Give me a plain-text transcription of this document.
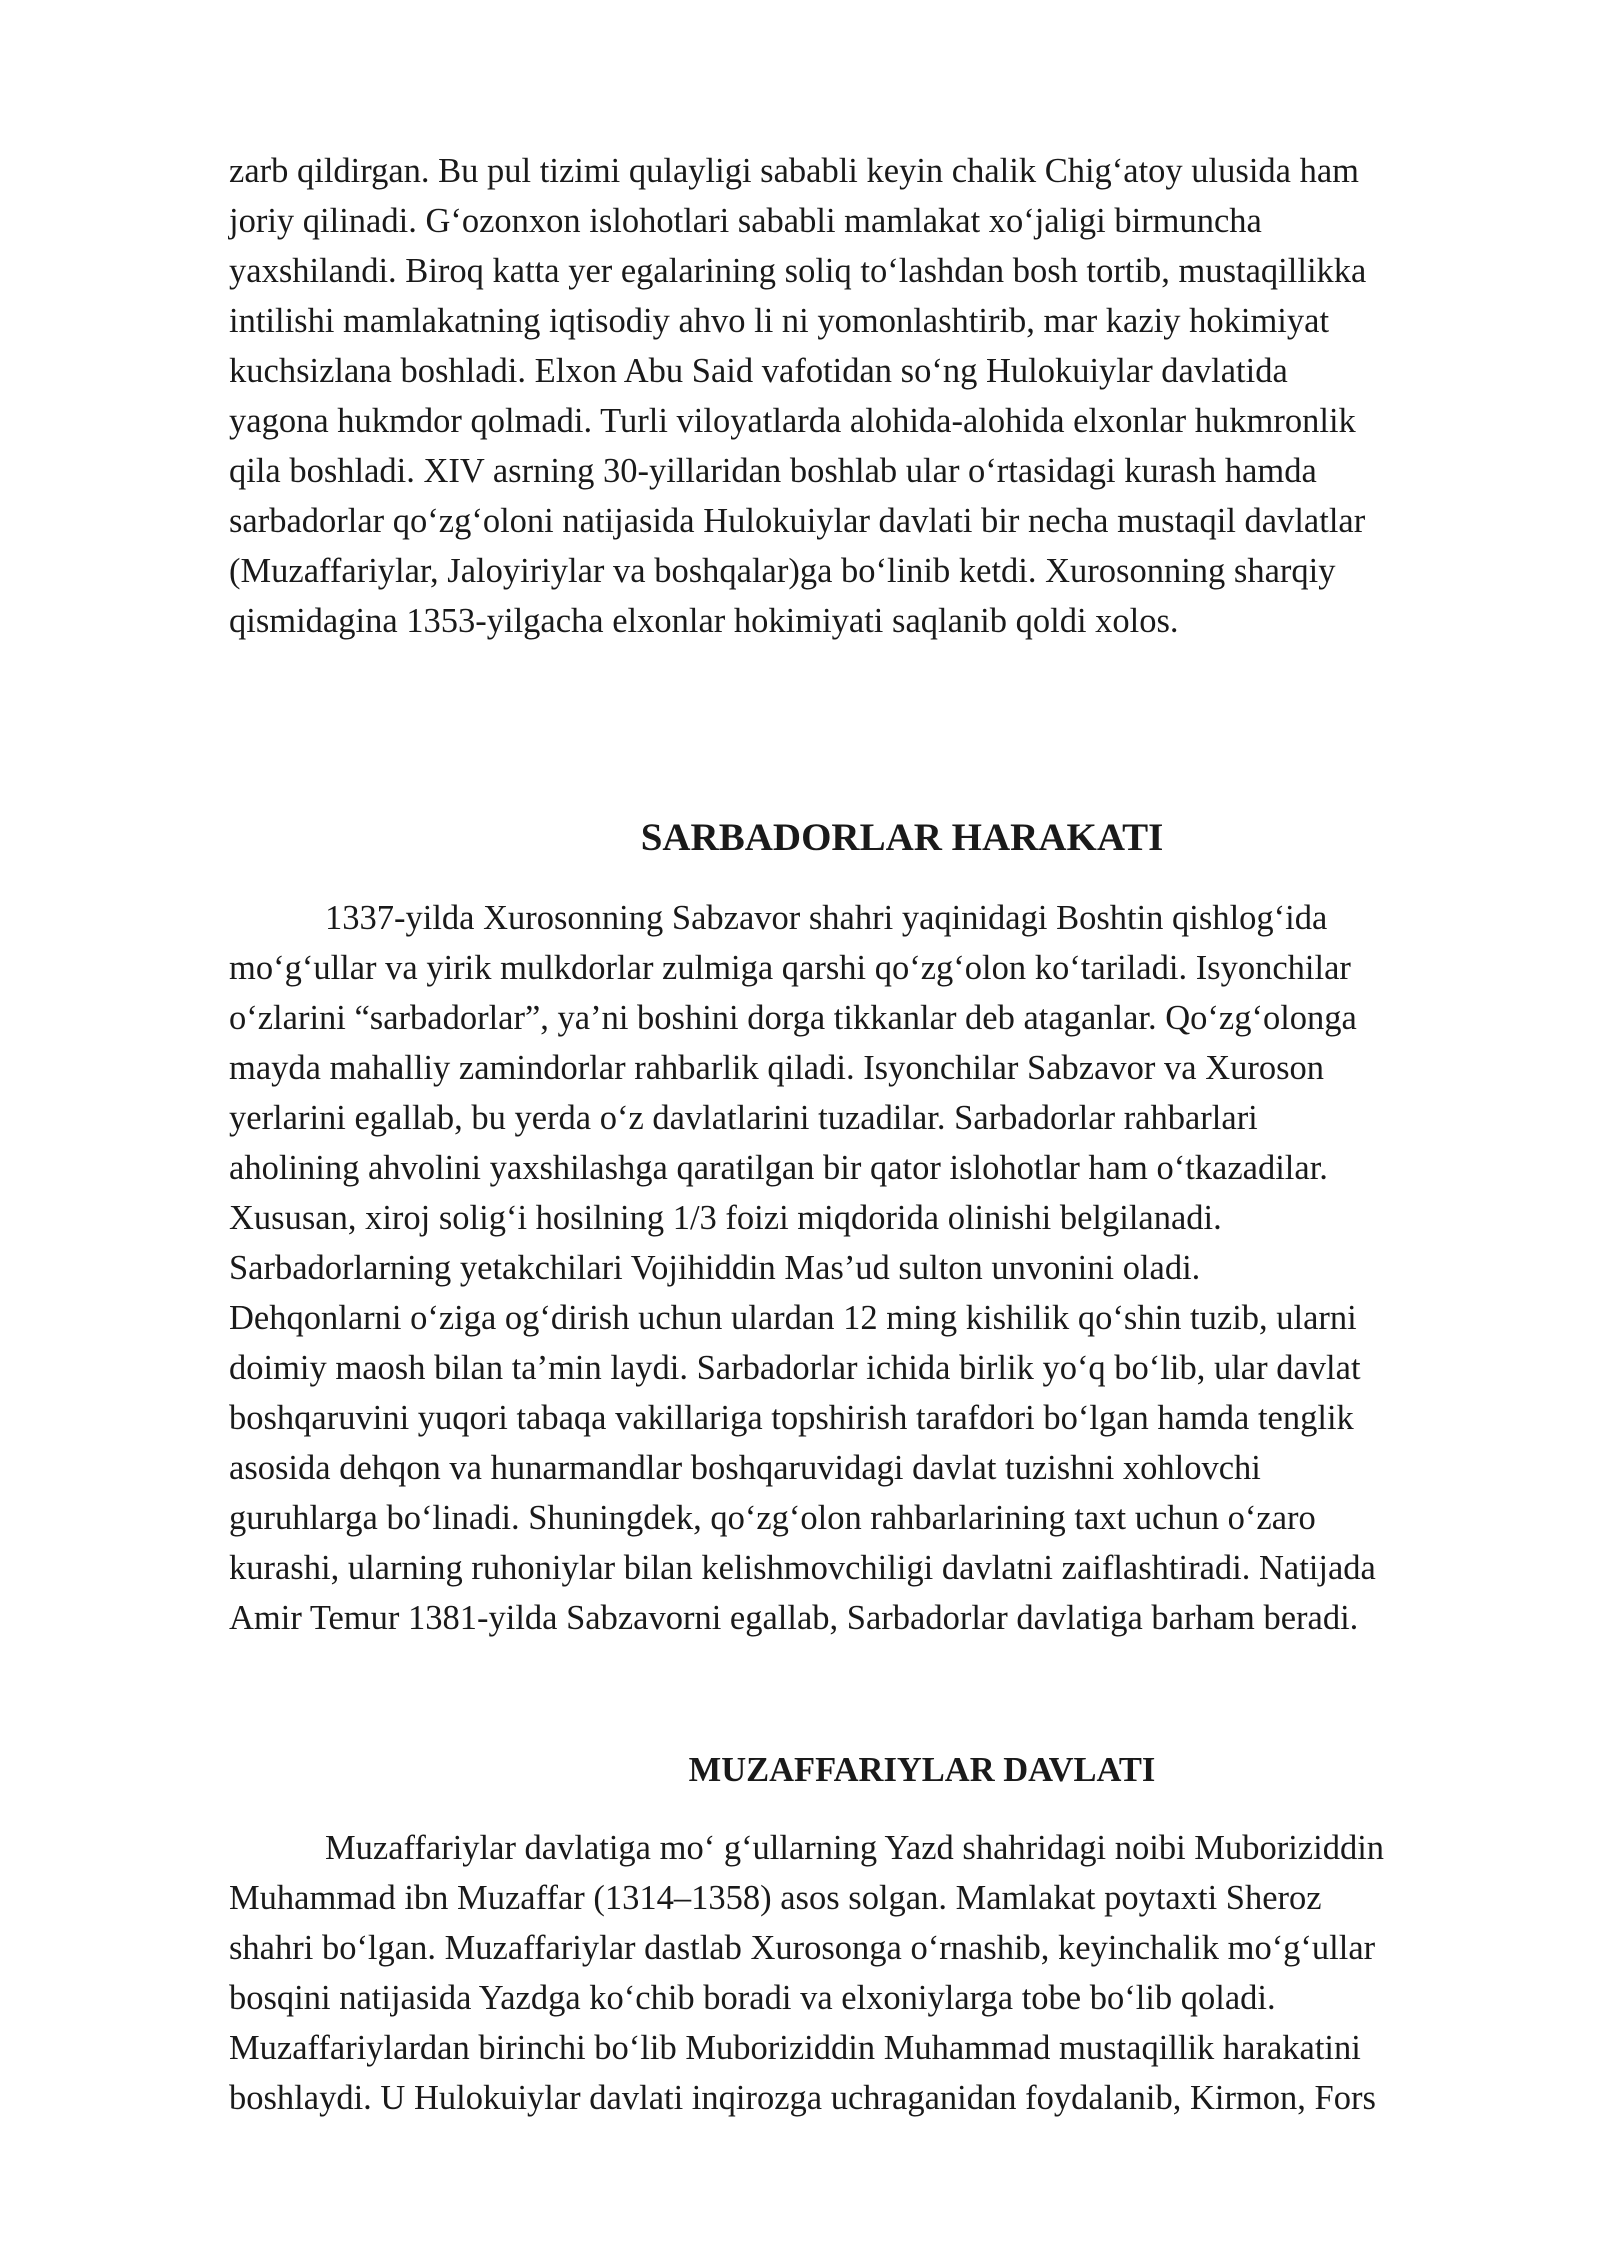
zarb qildirgan. Bu pul tizimi qulayligi sababli keyin chalik Chig‘atoy ulusida ham
joriy qilinadi. G‘ozonxon islohotlari sababli mamlakat xo‘jaligi birmuncha
yaxshilandi. Biroq katta yer egalarining soliq to‘lashdan bosh tortib, mustaqillikka
intilishi mamlakatning iqtisodiy ahvo li ni yomonlashtirib, mar kaziy hokimiyat
kuchsizlana boshladi. Elxon Abu Said vafotidan so‘ng Hulokuiylar davlatida
yagona hukmdor qolmadi. Turli viloyatlarda alohida-alohida elxonlar hukmronlik
qila boshladi. XIV asrning 30-yillaridan boshlab ular o‘rtasidagi kurash hamda
sarbadorlar qo‘zg‘oloni natijasida Hulokuiylar davlati bir necha mustaqil davlatlar
(Muzaffariylar, Jaloyiriylar va boshqalar)ga bo‘linib ketdi. Xurosonning sharqiy
qismidagina 1353-yilgacha elxonlar hokimiyati saqlanib qoldi xolos.
SARBADORLAR HARAKATI
1337-yilda Xurosonning Sabzavor shahri yaqinidagi Boshtin qishlog‘ida
mo‘g‘ullar va yirik mulkdorlar zulmiga qarshi qo‘zg‘olon ko‘tariladi. Isyonchilar
o‘zlarini “sarbadorlar”, ya’ni boshini dorga tikkanlar deb ataganlar. Qo‘zg‘olonga
mayda mahalliy zamindorlar rahbarlik qiladi. Isyonchilar Sabzavor va Xuroson
yerlarini egallab, bu yerda o‘z davlatlarini tuzadilar. Sarbadorlar rahbarlari
aholining ahvolini yaxshilashga qaratilgan bir qator islohotlar ham o‘tkazadilar.
Xususan, xiroj solig‘i hosilning 1/3 foizi miqdorida olinishi belgilanadi.
Sarbadorlarning yetakchilari Vojihiddin Mas’ud sulton unvonini oladi.
Dehqonlarni o‘ziga og‘dirish uchun ulardan 12 ming kishilik qo‘shin tuzib, ularni
doimiy maosh bilan ta’min laydi. Sarbadorlar ichida birlik yo‘q bo‘lib, ular davlat
boshqaruvini yuqori tabaqa vakillariga topshirish tarafdori bo‘lgan hamda tenglik
asosida dehqon va hunarmandlar boshqaruvidagi davlat tuzishni xohlovchi
guruhlarga bo‘linadi. Shuningdek, qo‘zg‘olon rahbarlarining taxt uchun o‘zaro
kurashi, ularning ruhoniylar bilan kelishmovchiligi davlatni zaiflashtiradi. Natijada
Amir Temur 1381-yilda Sabzavorni egallab, Sarbadorlar davlatiga barham beradi.
MUZAFFARIYLAR DAVLATI
Muzaffariylar davlatiga mo‘ g‘ullarning Yazd shahridagi noibi Muboriziddin
Muhammad ibn Muzaffar (1314–1358) asos solgan. Mamlakat poytaxti Sheroz
shahri bo‘lgan. Muzaffariylar dastlab Xurosonga o‘rnashib, keyinchalik mo‘g‘ullar
bosqini natijasida Yazdga ko‘chib boradi va elxoniylarga tobe bo‘lib qoladi.
Muzaffariylardan birinchi bo‘lib Muboriziddin Muhammad mustaqillik harakatini
boshlaydi. U Hulokuiylar davlati inqirozga uchraganidan foydalanib, Kirmon, Fors
